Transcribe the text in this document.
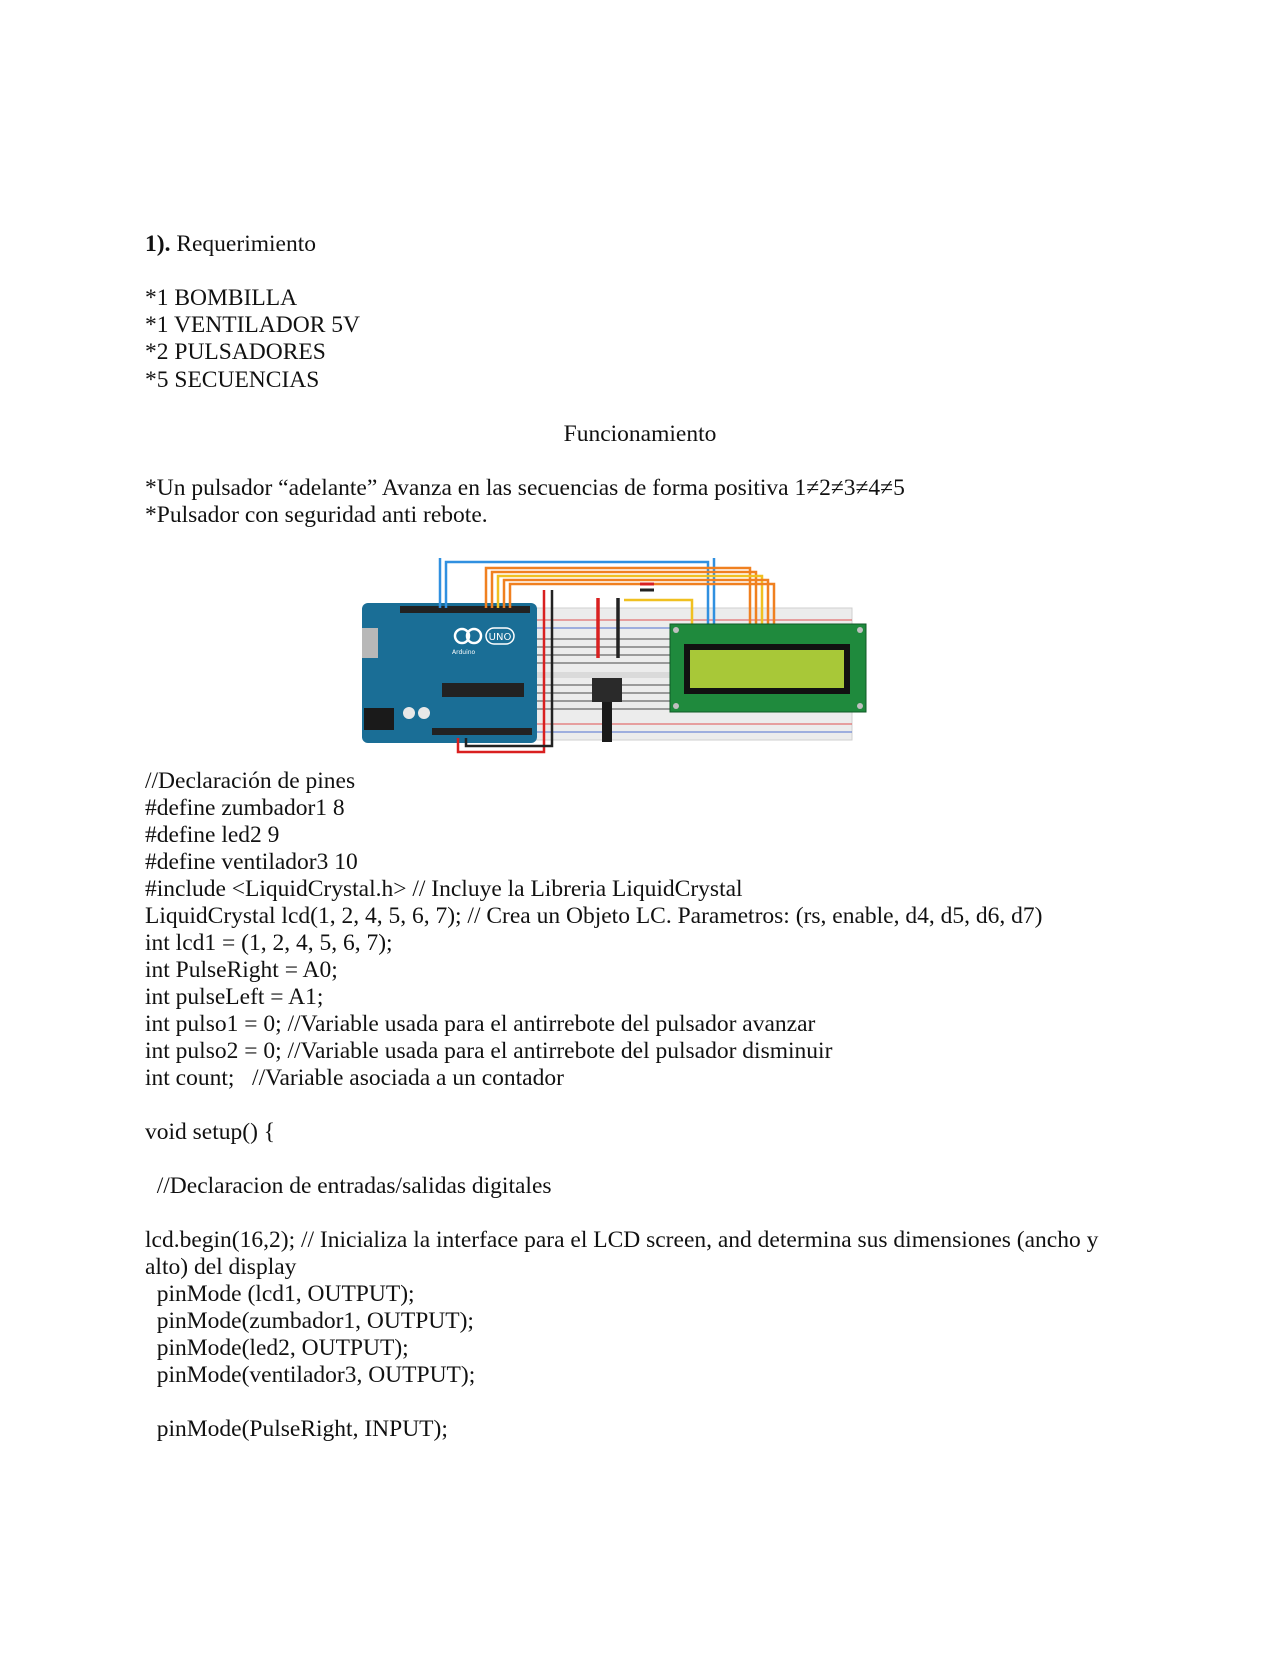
1). Requerimiento
*1 BOMBILLA
*1 VENTILADOR 5V
*2 PULSADORES
*5 SECUENCIAS
Funcionamiento
*Un pulsador “adelante” Avanza en las secuencias de forma positiva 1≠2≠3≠4≠5
*Pulsador con seguridad anti rebote.
UNO
Arduino
//Declaración de pines
#define zumbador1 8
#define led2 9
#define ventilador3 10
#include <LiquidCrystal.h> // Incluye la Libreria LiquidCrystal
LiquidCrystal lcd(1, 2, 4, 5, 6, 7); // Crea un Objeto LC. Parametros: (rs, enable, d4, d5, d6, d7)
int lcd1 = (1, 2, 4, 5, 6, 7);
int PulseRight = A0;
int pulseLeft = A1;
int pulso1 = 0; //Variable usada para el antirrebote del pulsador avanzar
int pulso2 = 0; //Variable usada para el antirrebote del pulsador disminuir
int count;   //Variable asociada a un contador
void setup() {
//Declaracion de entradas/salidas digitales
lcd.begin(16,2); // Inicializa la interface para el LCD screen, and determina sus dimensiones (ancho y alto) del display
pinMode (lcd1, OUTPUT);
pinMode(zumbador1, OUTPUT);
pinMode(led2, OUTPUT);
pinMode(ventilador3, OUTPUT);
pinMode(PulseRight, INPUT);
